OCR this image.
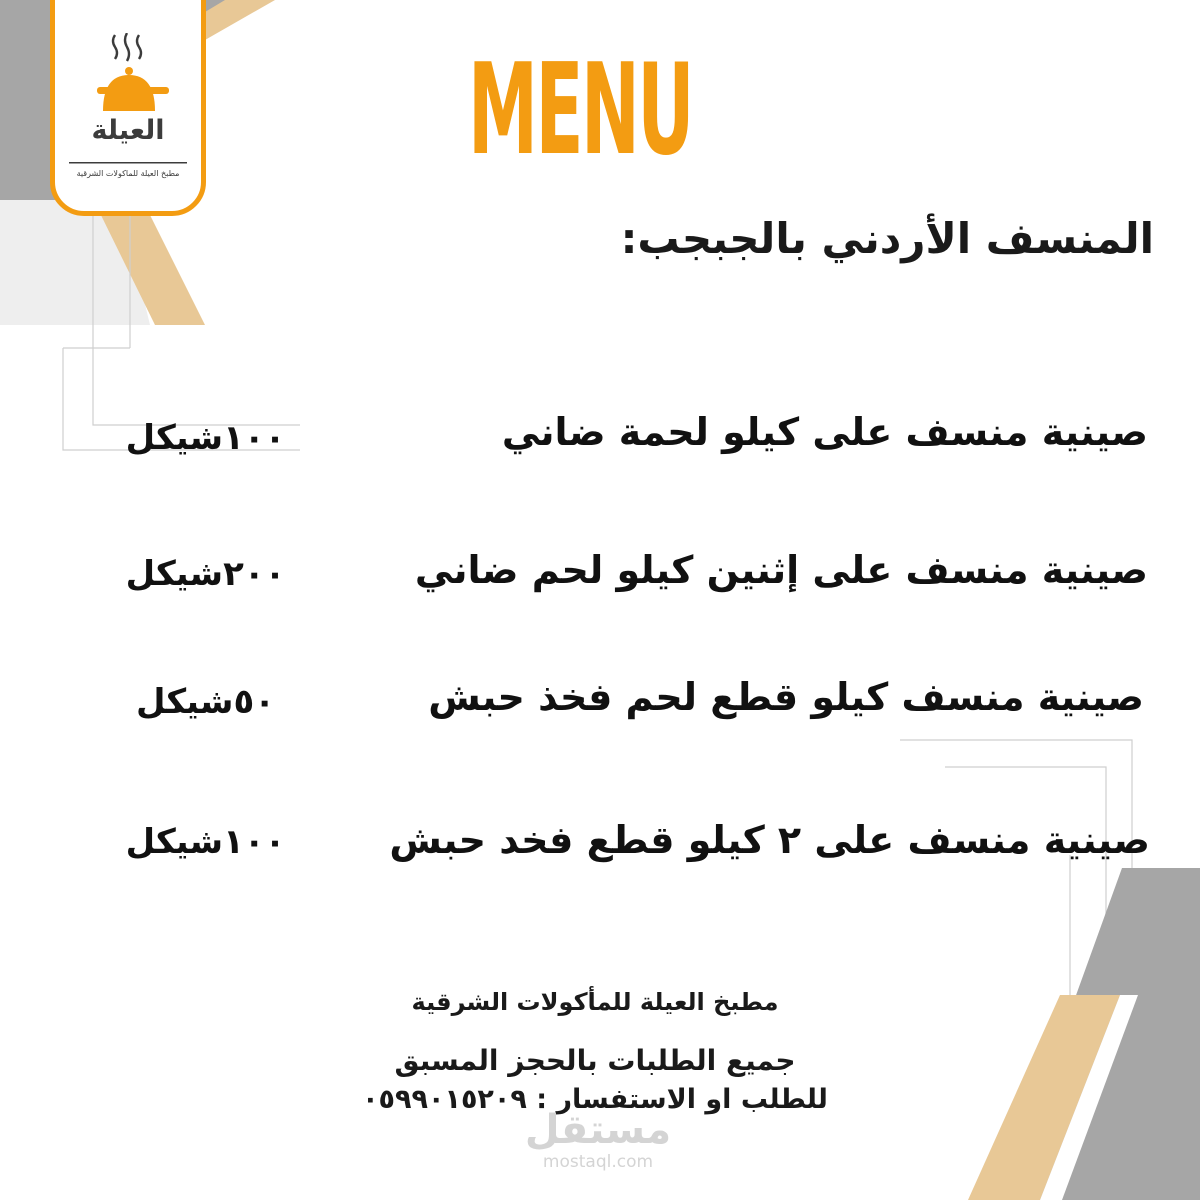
العيلة
مطبخ العيلة للماكولات الشرقية MENU
المنسف الأردني بالجبجب:
صينية منسف على كيلو لحمة ضاني
١٠٠شيكل
صينية منسف على إثنين كيلو لحم ضاني
٢٠٠شيكل
صينية منسف كيلو قطع لحم فخذ حبش
٥٠شيكل
صينية منسف على ٢ كيلو قطع فخد حبش
١٠٠شيكل
مطبخ العيلة للمأكولات الشرقية
جميع الطلبات بالحجز المسبق
للطلب او الاستفسار : ٠٥٩٩٠١٥٢٠٩
مستقل
mostaql.com
